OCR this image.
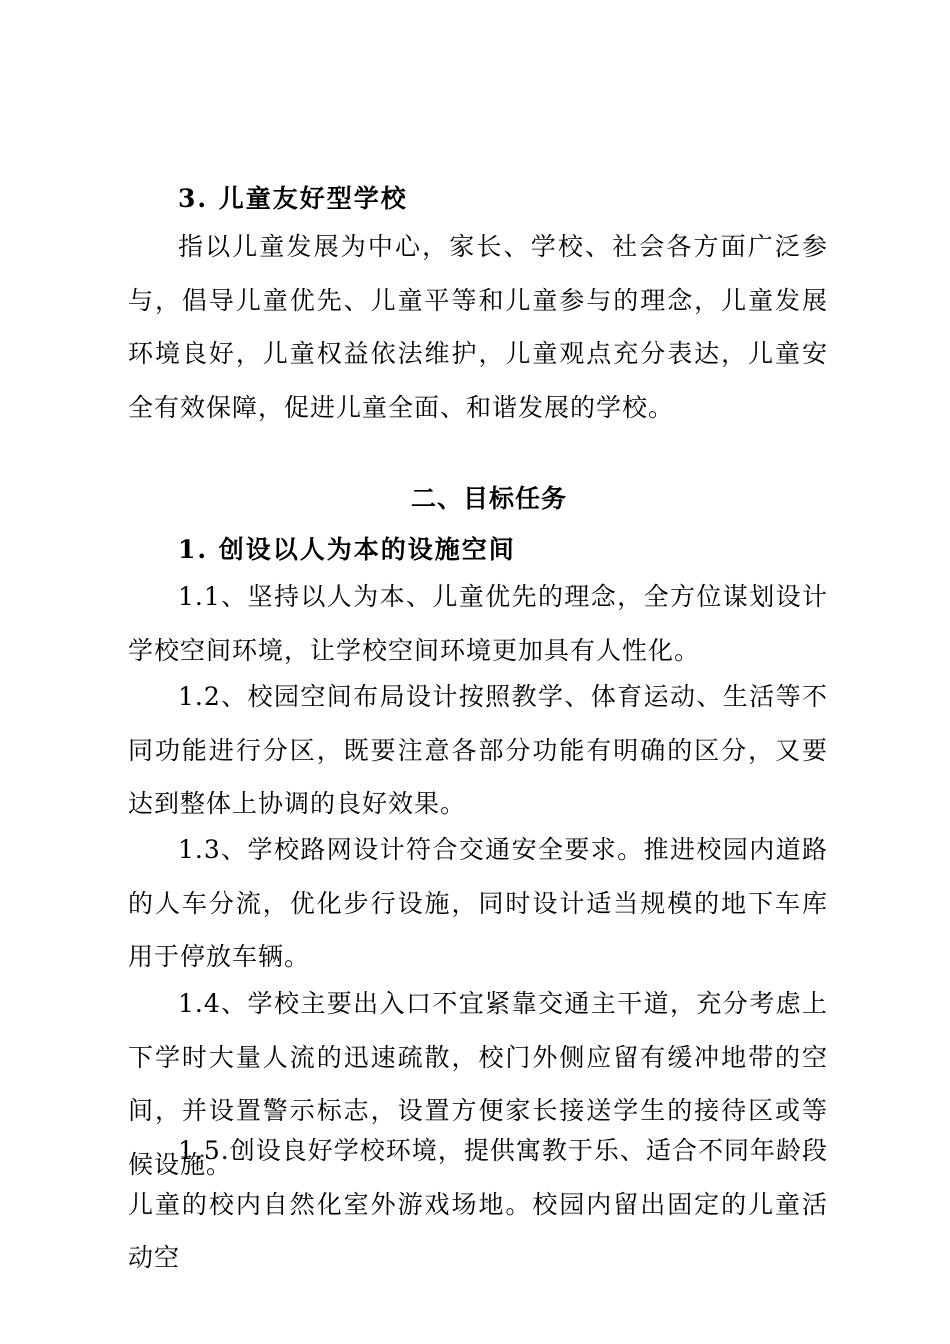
3. 儿童友好型学校

指以儿童发展为中心，家长、学校、社会各方面广泛参与，倡导儿童优先、儿童平等和儿童参与的理念，儿童发展环境良好，儿童权益依法维护，儿童观点充分表达，儿童安全有效保障，促进儿童全面、和谐发展的学校。

二、目标任务
1. 创设以人为本的设施空间

1.1、坚持以人为本、儿童优先的理念，全方位谋划设计学校空间环境，让学校空间环境更加具有人性化。

1.2、校园空间布局设计按照教学、体育运动、生活等不同功能进行分区，既要注意各部分功能有明确的区分，又要达到整体上协调的良好效果。

1.3、学校路网设计符合交通安全要求。推进校园内道路的人车分流，优化步行设施，同时设计适当规模的地下车库用于停放车辆。

1.4、学校主要出入口不宜紧靠交通主干道，充分考虑上下学时大量人流的迅速疏散，校门外侧应留有缓冲地带的空间，并设置警示标志，设置方便家长接送学生的接待区或等候设施。

1.5.创设良好学校环境，提供寓教于乐、适合不同年龄段儿童的校内自然化室外游戏场地。校园内留出固定的儿童活动空
